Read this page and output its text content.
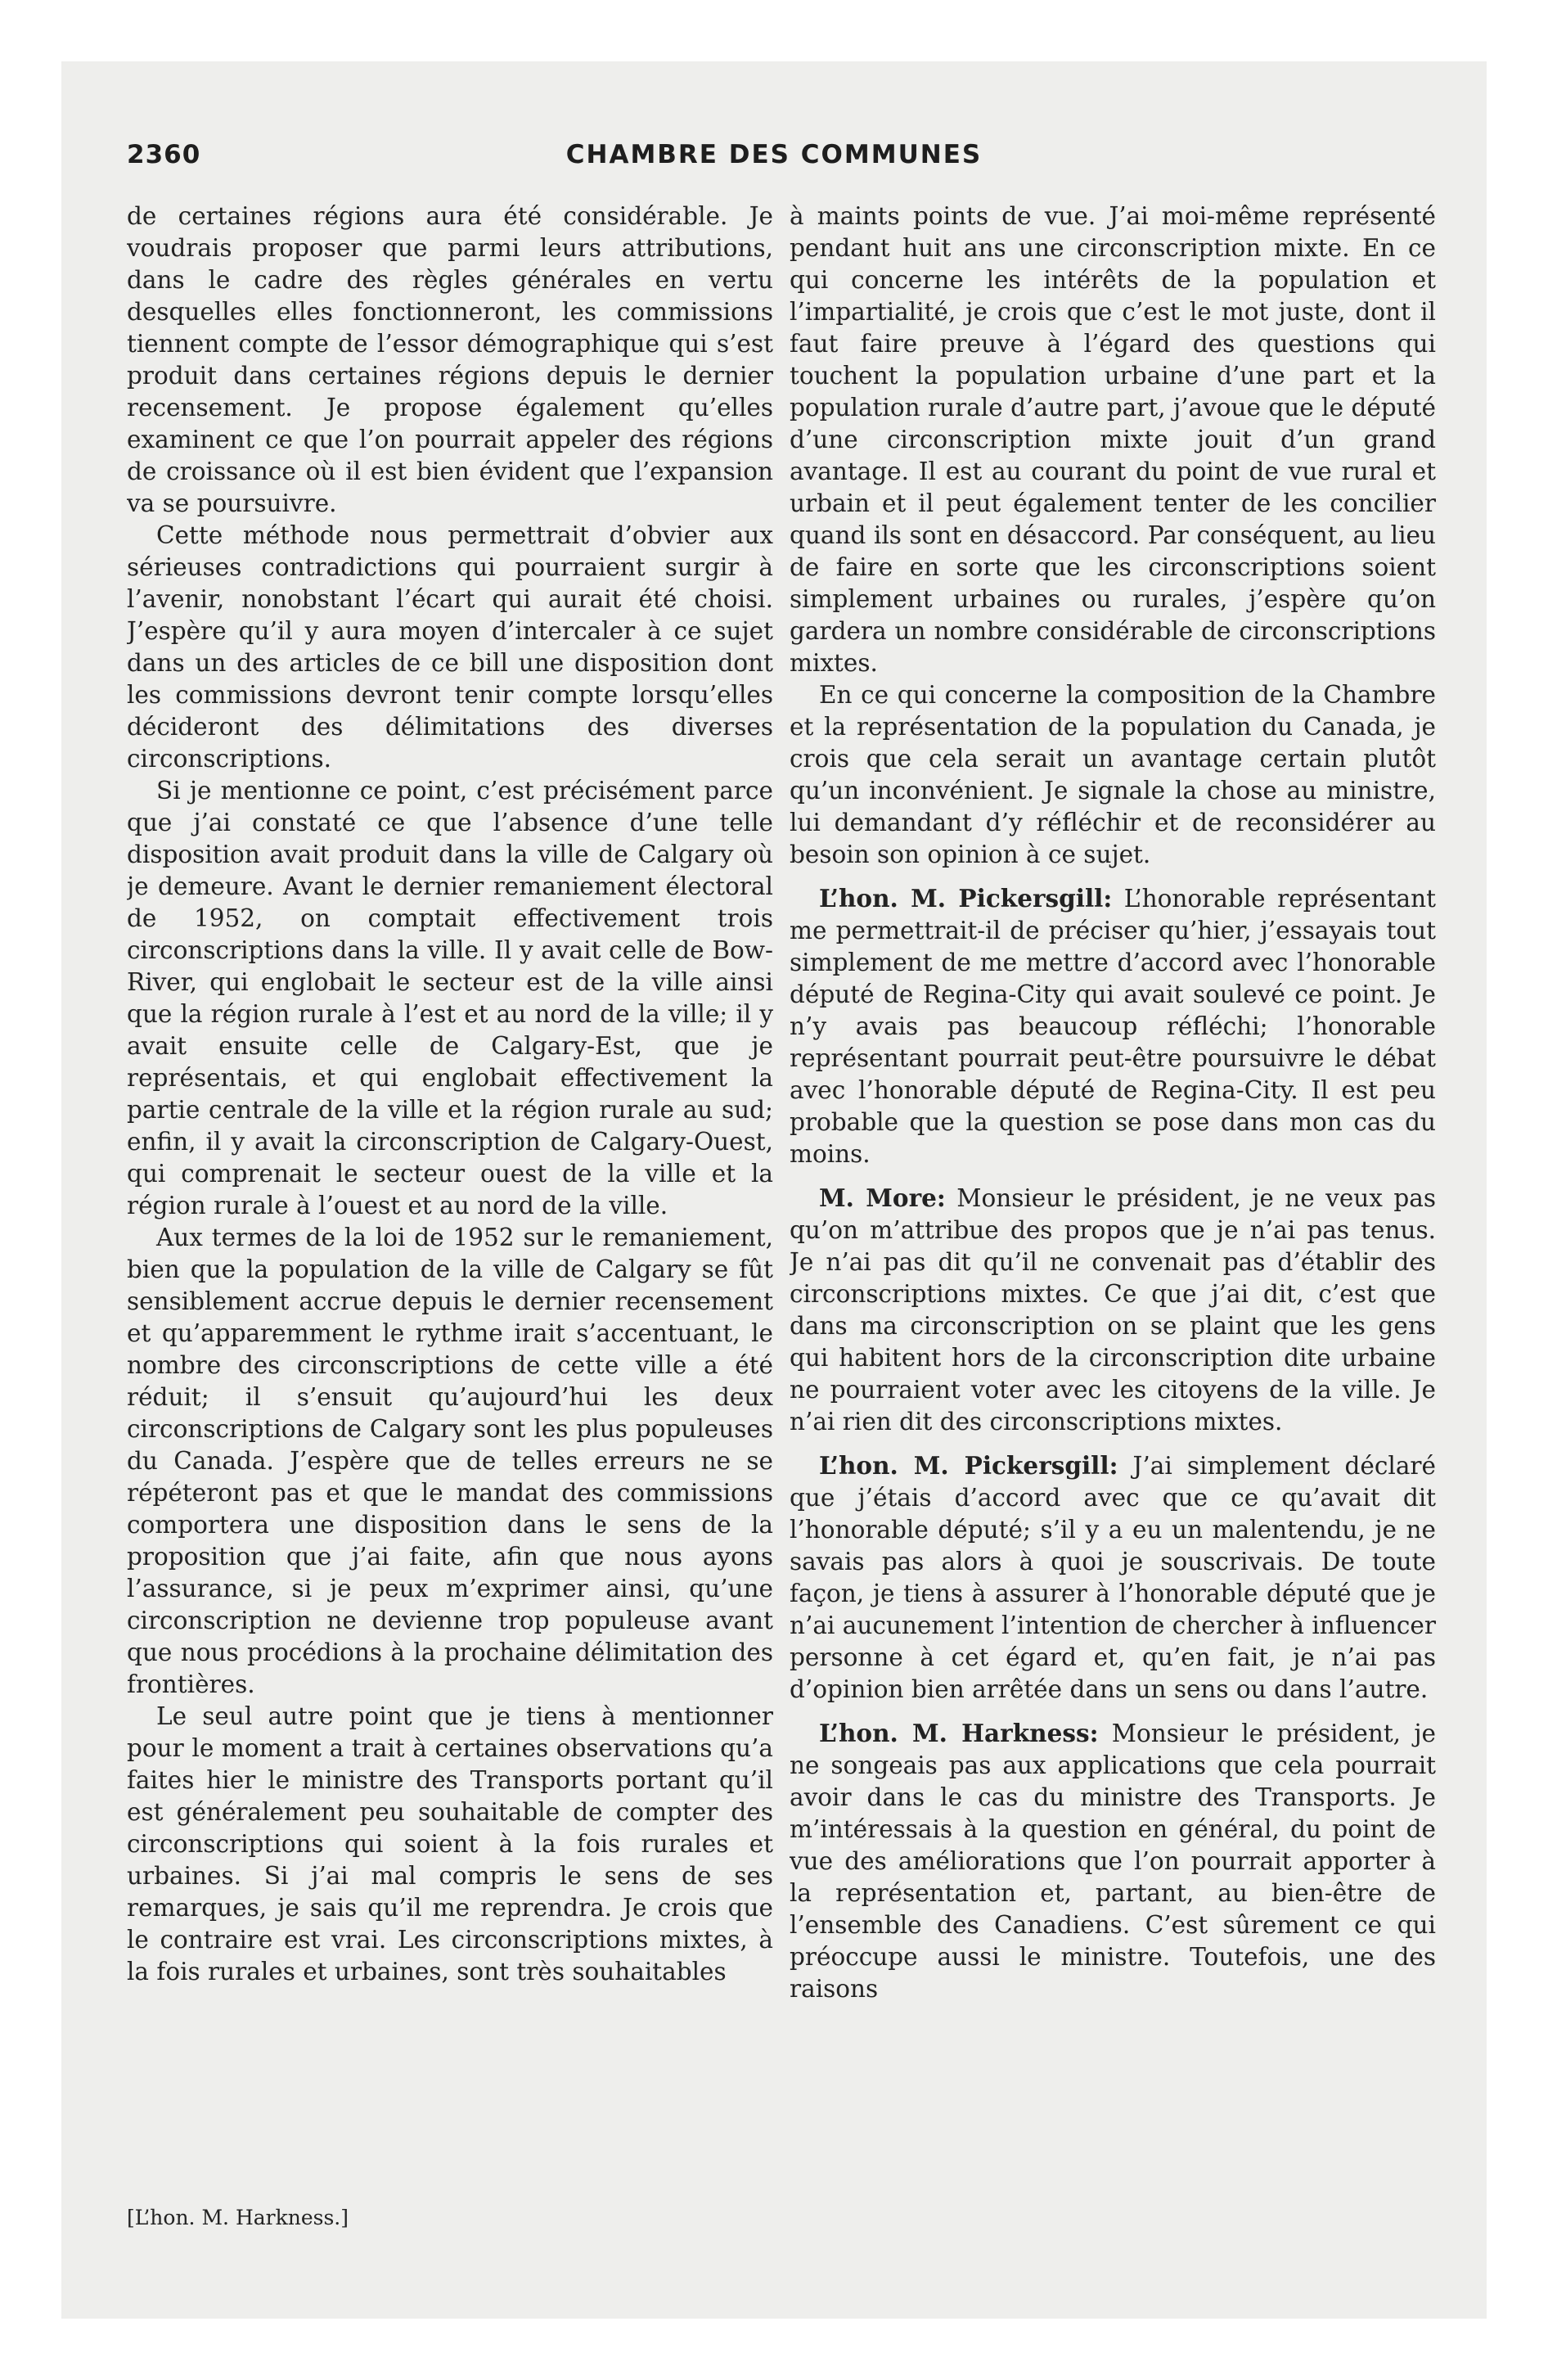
2360	CHAMBRE DES COMMUNES

de certaines régions aura été considérable. Je voudrais proposer que parmi leurs attributions, dans le cadre des règles générales en vertu desquelles elles fonctionneront, les commissions tiennent compte de l’essor démographique qui s’est produit dans certaines régions depuis le dernier recensement. Je propose également qu’elles examinent ce que l’on pourrait appeler des régions de croissance où il est bien évident que l’expansion va se poursuivre.

Cette méthode nous permettrait d’obvier aux sérieuses contradictions qui pourraient surgir à l’avenir, nonobstant l’écart qui aurait été choisi. J’espère qu’il y aura moyen d’intercaler à ce sujet dans un des articles de ce bill une disposition dont les commissions devront tenir compte lorsqu’elles décideront des délimitations des diverses circonscriptions.

Si je mentionne ce point, c’est précisément parce que j’ai constaté ce que l’absence d’une telle disposition avait produit dans la ville de Calgary où je demeure. Avant le dernier remaniement électoral de 1952, on comptait effectivement trois circonscriptions dans la ville. Il y avait celle de Bow-River, qui englobait le secteur est de la ville ainsi que la région rurale à l’est et au nord de la ville; il y avait ensuite celle de Calgary-Est, que je représentais, et qui englobait effectivement la partie centrale de la ville et la région rurale au sud; enfin, il y avait la circonscription de Calgary-Ouest, qui comprenait le secteur ouest de la ville et la région rurale à l’ouest et au nord de la ville.

Aux termes de la loi de 1952 sur le remaniement, bien que la population de la ville de Calgary se fût sensiblement accrue depuis le dernier recensement et qu’apparemment le rythme irait s’accentuant, le nombre des circonscriptions de cette ville a été réduit; il s’ensuit qu’aujourd’hui les deux circonscriptions de Calgary sont les plus populeuses du Canada. J’espère que de telles erreurs ne se répéteront pas et que le mandat des commissions comportera une disposition dans le sens de la proposition que j’ai faite, afin que nous ayons l’assurance, si je peux m’exprimer ainsi, qu’une circonscription ne devienne trop populeuse avant que nous procédions à la prochaine délimitation des frontières.

Le seul autre point que je tiens à mentionner pour le moment a trait à certaines observations qu’a faites hier le ministre des Transports portant qu’il est généralement peu souhaitable de compter des circonscriptions qui soient à la fois rurales et urbaines. Si j’ai mal compris le sens de ses remarques, je sais qu’il me reprendra. Je crois que le contraire est vrai. Les circonscriptions mixtes, à la fois rurales et urbaines, sont très souhaitables

à maints points de vue. J’ai moi-même représenté pendant huit ans une circonscription mixte. En ce qui concerne les intérêts de la population et l’impartialité, je crois que c’est le mot juste, dont il faut faire preuve à l’égard des questions qui touchent la population urbaine d’une part et la population rurale d’autre part, j’avoue que le député d’une circonscription mixte jouit d’un grand avantage. Il est au courant du point de vue rural et urbain et il peut également tenter de les concilier quand ils sont en désaccord. Par conséquent, au lieu de faire en sorte que les circonscriptions soient simplement urbaines ou rurales, j’espère qu’on gardera un nombre considérable de circonscriptions mixtes.

En ce qui concerne la composition de la Chambre et la représentation de la population du Canada, je crois que cela serait un avantage certain plutôt qu’un inconvénient. Je signale la chose au ministre, lui demandant d’y réfléchir et de reconsidérer au besoin son opinion à ce sujet.

L’hon. M. Pickersgill: L’honorable représentant me permettrait-il de préciser qu’hier, j’essayais tout simplement de me mettre d’accord avec l’honorable député de Regina-City qui avait soulevé ce point. Je n’y avais pas beaucoup réfléchi; l’honorable représentant pourrait peut-être poursuivre le débat avec l’honorable député de Regina-City. Il est peu probable que la question se pose dans mon cas du moins.

M. More: Monsieur le président, je ne veux pas qu’on m’attribue des propos que je n’ai pas tenus. Je n’ai pas dit qu’il ne convenait pas d’établir des circonscriptions mixtes. Ce que j’ai dit, c’est que dans ma circonscription on se plaint que les gens qui habitent hors de la circonscription dite urbaine ne pourraient voter avec les citoyens de la ville. Je n’ai rien dit des circonscriptions mixtes.

L’hon. M. Pickersgill: J’ai simplement déclaré que j’étais d’accord avec que ce qu’avait dit l’honorable député; s’il y a eu un malentendu, je ne savais pas alors à quoi je souscrivais. De toute façon, je tiens à assurer à l’honorable député que je n’ai aucunement l’intention de chercher à influencer personne à cet égard et, qu’en fait, je n’ai pas d’opinion bien arrêtée dans un sens ou dans l’autre.

L’hon. M. Harkness: Monsieur le président, je ne songeais pas aux applications que cela pourrait avoir dans le cas du ministre des Transports. Je m’intéressais à la question en général, du point de vue des améliorations que l’on pourrait apporter à la représentation et, partant, au bien-être de l’ensemble des Canadiens. C’est sûrement ce qui préoccupe aussi le ministre. Toutefois, une des raisons

[L’hon. M. Harkness.]
